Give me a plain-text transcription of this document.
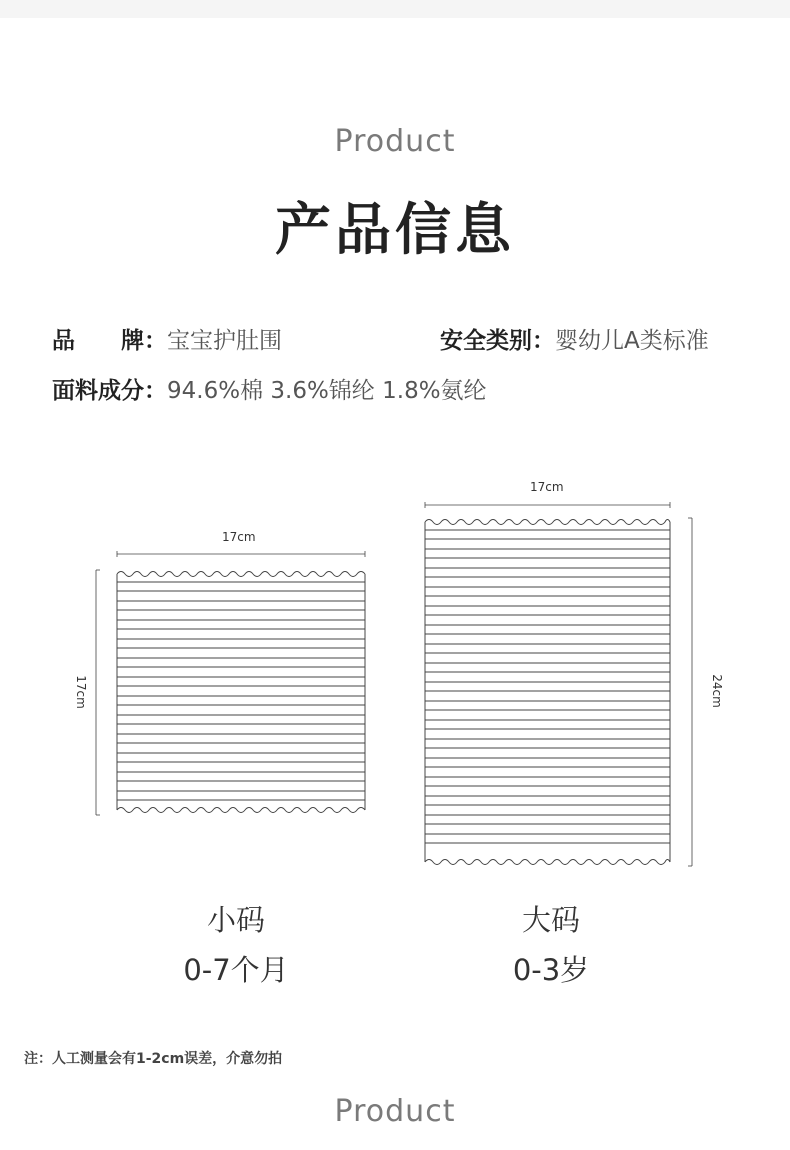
Product
产品信息
品　　牌：宝宝护肚围	安全类别：婴幼儿A类标准
面料成分：94.6%棉 3.6%锦纶 1.8%氨纶
17cm
17cm
17cm
24cm
小码
0-7个月
大码
0-3岁
注：人工测量会有1-2cm误差，介意勿拍
Product
